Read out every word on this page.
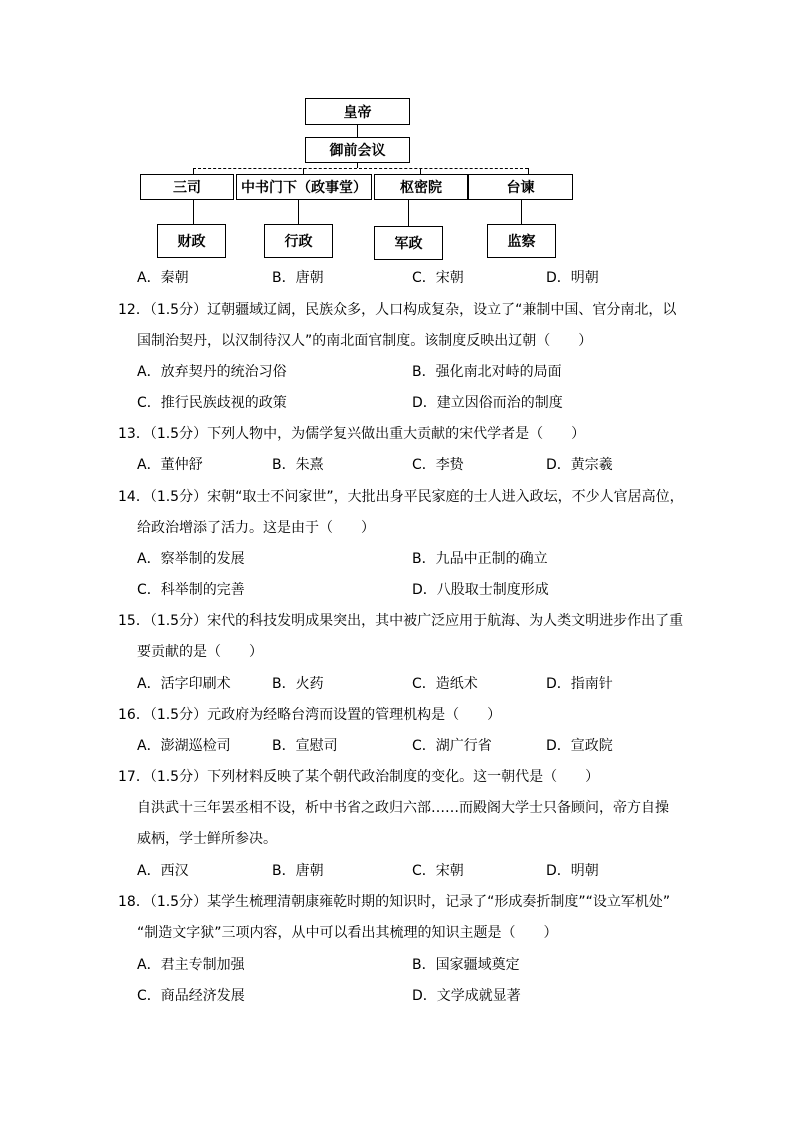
皇帝
御前会议
三司	中书门下（政事堂）	枢密院	台谏
财政	行政	军政	监察
A．秦朝	B．唐朝	C．宋朝	D．明朝
12．（1.5分）辽朝疆域辽阔，民族众多，人口构成复杂，设立了“兼制中国、官分南北，以
国制治契丹，以汉制待汉人”的南北面官制度。该制度反映出辽朝（　　）
A．放弃契丹的统治习俗	B．强化南北对峙的局面
C．推行民族歧视的政策	D．建立因俗而治的制度
13．（1.5分）下列人物中，为儒学复兴做出重大贡献的宋代学者是（　　）
A．董仲舒	B．朱熹	C．李贽	D．黄宗羲
14．（1.5分）宋朝“取士不问家世”，大批出身平民家庭的士人进入政坛，不少人官居高位，
给政治增添了活力。这是由于（　　）
A．察举制的发展	B．九品中正制的确立
C．科举制的完善	D．八股取士制度形成
15．（1.5分）宋代的科技发明成果突出，其中被广泛应用于航海、为人类文明进步作出了重
要贡献的是（　　）
A．活字印刷术	B．火药	C．造纸术	D．指南针
16．（1.5分）元政府为经略台湾而设置的管理机构是（　　）
A．澎湖巡检司	B．宣慰司	C．湖广行省	D．宣政院
17．（1.5分）下列材料反映了某个朝代政治制度的变化。这一朝代是（　　）
自洪武十三年罢丞相不设，析中书省之政归六部……而殿阁大学士只备顾问，帝方自操
威柄，学士鲜所参决。
A．西汉	B．唐朝	C．宋朝	D．明朝
18．（1.5分）某学生梳理清朝康雍乾时期的知识时，记录了“形成奏折制度”“设立军机处”
“制造文字狱”三项内容，从中可以看出其梳理的知识主题是（　　）
A．君主专制加强	B．国家疆域奠定
C．商品经济发展	D．文学成就显著
